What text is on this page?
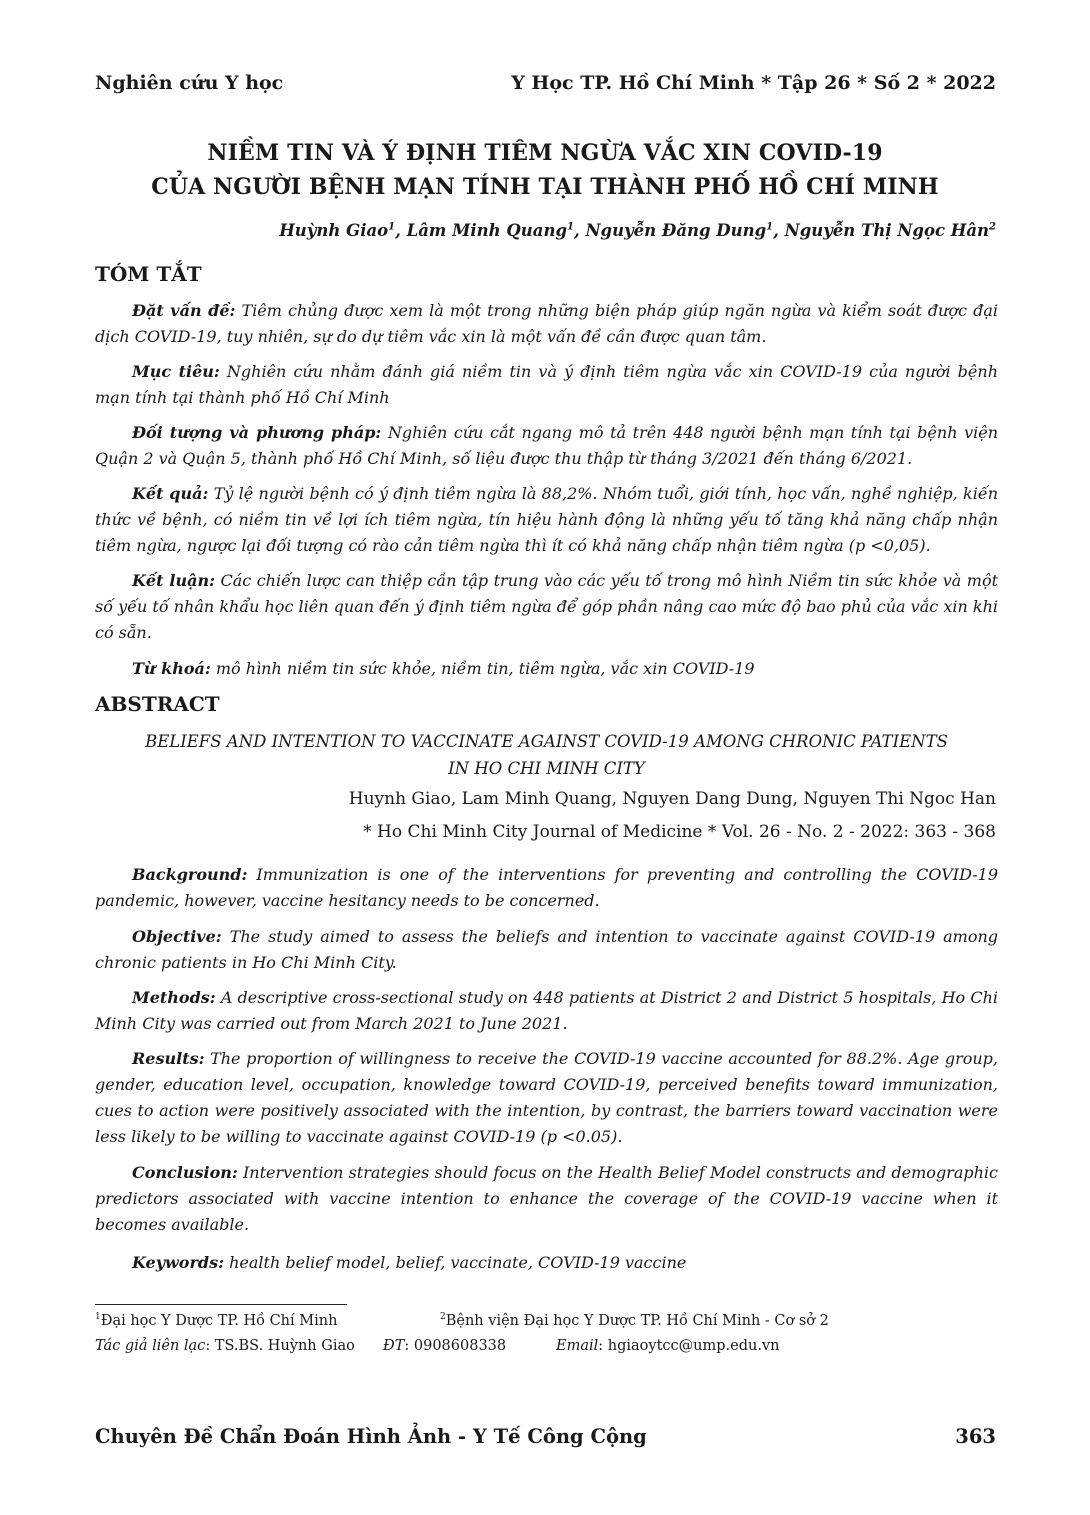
Nghiên cứu Y học	Y Học TP. Hồ Chí Minh * Tập 26 * Số 2 * 2022
NIỀM TIN VÀ Ý ĐỊNH TIÊM NGỪA VẮC XIN COVID-19
CỦA NGƯỜI BỆNH MẠN TÍNH TẠI THÀNH PHỐ HỒ CHÍ MINH
Huỳnh Giao$^1$, Lâm Minh Quang$^1$, Nguyễn Đăng Dung$^1$, Nguyễn Thị Ngọc Hân$^2$
TÓM TẮT
Đặt vấn đề: Tiêm chủng được xem là một trong những biện pháp giúp ngăn ngừa và kiểm soát được đại dịch COVID-19, tuy nhiên, sự do dự tiêm vắc xin là một vấn đề cần được quan tâm.
Mục tiêu: Nghiên cứu nhằm đánh giá niềm tin và ý định tiêm ngừa vắc xin COVID-19 của người bệnh mạn tính tại thành phố Hồ Chí Minh
Đối tượng và phương pháp: Nghiên cứu cắt ngang mô tả trên 448 người bệnh mạn tính tại bệnh viện Quận 2 và Quận 5, thành phố Hồ Chí Minh, số liệu được thu thập từ tháng 3/2021 đến tháng 6/2021.
Kết quả: Tỷ lệ người bệnh có ý định tiêm ngừa là 88,2%. Nhóm tuổi, giới tính, học vấn, nghề nghiệp, kiến thức về bệnh, có niềm tin về lợi ích tiêm ngừa, tín hiệu hành động là những yếu tố tăng khả năng chấp nhận tiêm ngừa, ngược lại đối tượng có rào cản tiêm ngừa thì ít có khả năng chấp nhận tiêm ngừa (p <0,05).
Kết luận: Các chiến lược can thiệp cần tập trung vào các yếu tố trong mô hình Niềm tin sức khỏe và một số yếu tố nhân khẩu học liên quan đến ý định tiêm ngừa để góp phần nâng cao mức độ bao phủ của vắc xin khi có sẵn.
Từ khoá: mô hình niềm tin sức khỏe, niềm tin, tiêm ngừa, vắc xin COVID-19
ABSTRACT
BELIEFS AND INTENTION TO VACCINATE AGAINST COVID-19 AMONG CHRONIC PATIENTS
IN HO CHI MINH CITY
Huynh Giao, Lam Minh Quang, Nguyen Dang Dung, Nguyen Thi Ngoc Han
* Ho Chi Minh City Journal of Medicine * Vol. 26 - No. 2 - 2022: 363 - 368
Background: Immunization is one of the interventions for preventing and controlling the COVID-19 pandemic, however, vaccine hesitancy needs to be concerned.
Objective: The study aimed to assess the beliefs and intention to vaccinate against COVID-19 among chronic patients in Ho Chi Minh City.
Methods: A descriptive cross-sectional study on 448 patients at District 2 and District 5 hospitals, Ho Chi Minh City was carried out from March 2021 to June 2021.
Results: The proportion of willingness to receive the COVID-19 vaccine accounted for 88.2%. Age group, gender, education level, occupation, knowledge toward COVID-19, perceived benefits toward immunization, cues to action were positively associated with the intention, by contrast, the barriers toward vaccination were less likely to be willing to vaccinate against COVID-19 (p <0.05).
Conclusion: Intervention strategies should focus on the Health Belief Model constructs and demographic predictors associated with vaccine intention to enhance the coverage of the COVID-19 vaccine when it becomes available.
Keywords: health belief model, belief, vaccinate, COVID-19 vaccine
$^1$Đại học Y Dược TP. Hồ Chí Minh	$^2$Bệnh viện Đại học Y Dược TP. Hồ Chí Minh - Cơ sở 2
Tác giả liên lạc: TS.BS. Huỳnh Giao ĐT: 0908608338	Email: hgiaoytcc@ump.edu.vn
Chuyên Đề Chẩn Đoán Hình Ảnh - Y Tế Công Cộng	363
